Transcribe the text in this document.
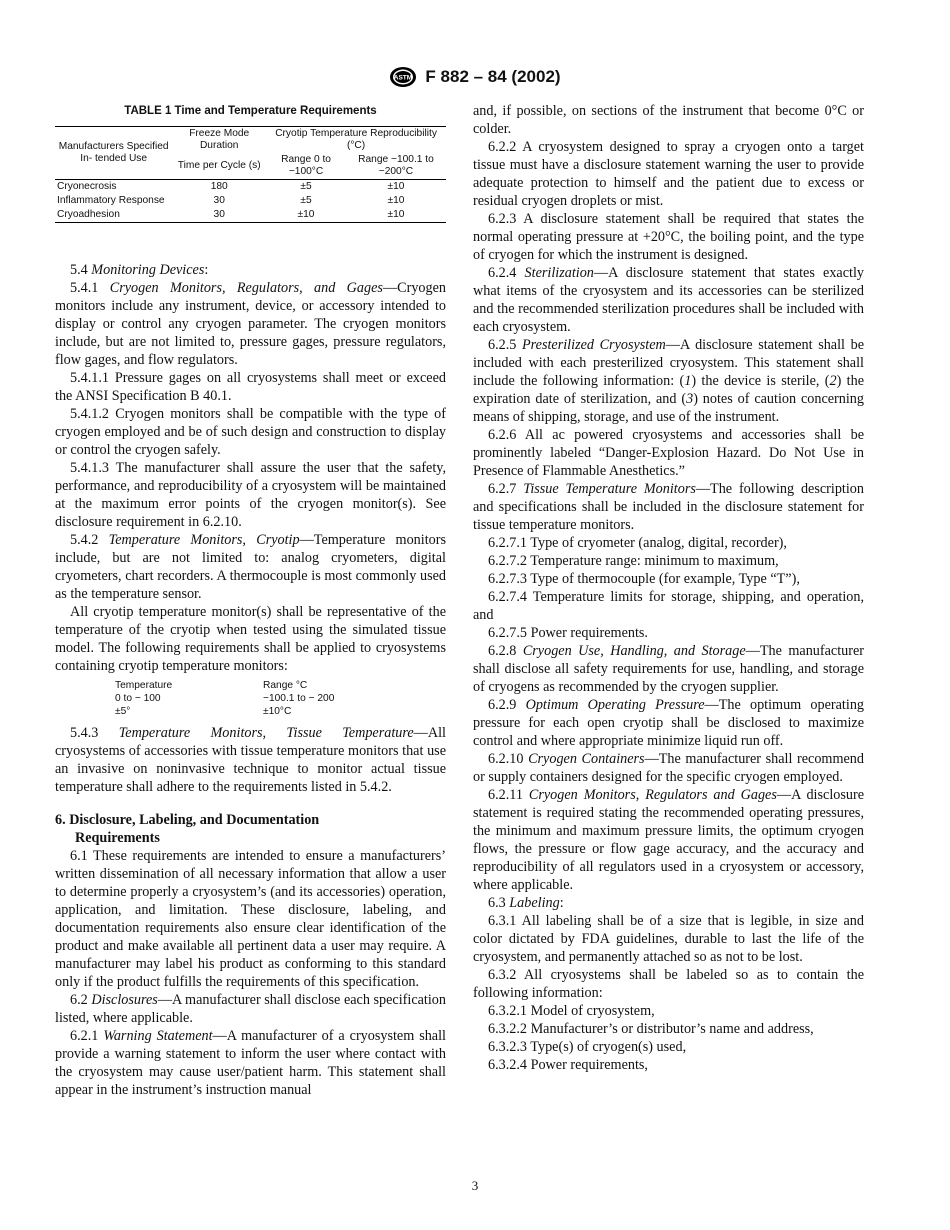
ASTM F 882 – 84 (2002)
TABLE 1 Time and Temperature Requirements
Manufacturers Specified In- tended Use	Freeze Mode Duration	Cryotip Temperature Reproducibility (°C)	
	Time per Cycle (s)	Range 0 to −100°C	Range −100.1 to −200°C
Cryonecrosis	180	±5	±10
Inflammatory Response	30	±5	±10
Cryoadhesion	30	±10	±10

5.4 Monitoring Devices:

5.4.1 Cryogen Monitors, Regulators, and Gages—Cryogen monitors include any instrument, device, or accessory intended to display or control any cryogen parameter. The cryogen monitors include, but are not limited to, pressure gages, pressure regulators, flow gages, and flow regulators.

5.4.1.1 Pressure gages on all cryosystems shall meet or exceed the ANSI Specification B 40.1.

5.4.1.2 Cryogen monitors shall be compatible with the type of cryogen employed and be of such design and construction to display or control the cryogen safely.

5.4.1.3 The manufacturer shall assure the user that the safety, performance, and reproducibility of a cryosystem will be maintained at the maximum error points of the cryogen monitor(s). See disclosure requirement in 6.2.10.

5.4.2 Temperature Monitors, Cryotip—Temperature monitors include, but are not limited to: analog cryometers, digital cryometers, chart recorders. A thermocouple is most commonly used as the temperature sensor.

All cryotip temperature monitor(s) shall be representative of the temperature of the cryotip when tested using the simulated tissue model. The following requirements shall be applied to cryosystems containing cryotip temperature monitors:

Temperature	Range °C
0 to − 100	−100.1 to − 200
±5°	±10°C

5.4.3 Temperature Monitors, Tissue Temperature—All cryosystems of accessories with tissue temperature monitors that use an invasive on noninvasive technique to monitor actual tissue temperature shall adhere to the requirements listed in 5.4.2.

6. Disclosure, Labeling, and Documentation
Requirements

6.1 These requirements are intended to ensure a manufacturers’ written dissemination of all necessary information that allow a user to determine properly a cryosystem’s (and its accessories) operation, application, and limitation. These disclosure, labeling, and documentation requirements also ensure clear identification of the product and make available all pertinent data a user may require. A manufacturer may label his product as conforming to this standard only if the product fulfills the requirements of this specification.

6.2 Disclosures—A manufacturer shall disclose each specification listed, where applicable.

6.2.1 Warning Statement—A manufacturer of a cryosystem shall provide a warning statement to inform the user where contact with the cryosystem may cause user/patient harm. This statement shall appear in the instrument’s instruction manual

and, if possible, on sections of the instrument that become 0°C or colder.

6.2.2 A cryosystem designed to spray a cryogen onto a target tissue must have a disclosure statement warning the user to provide adequate protection to himself and the patient due to excess or residual cryogen droplets or mist.

6.2.3 A disclosure statement shall be required that states the normal operating pressure at +20°C, the boiling point, and the type of cryogen for which the instrument is designed.

6.2.4 Sterilization—A disclosure statement that states exactly what items of the cryosystem and its accessories can be sterilized and the recommended sterilization procedures shall be included with each cryosystem.

6.2.5 Presterilized Cryosystem—A disclosure statement shall be included with each presterilized cryosystem. This statement shall include the following information: (1) the device is sterile, (2) the expiration date of sterilization, and (3) notes of caution concerning means of shipping, storage, and use of the instrument.

6.2.6 All ac powered cryosystems and accessories shall be prominently labeled “Danger-Explosion Hazard. Do Not Use in Presence of Flammable Anesthetics.”

6.2.7 Tissue Temperature Monitors—The following description and specifications shall be included in the disclosure statement for tissue temperature monitors.

6.2.7.1 Type of cryometer (analog, digital, recorder),

6.2.7.2 Temperature range: minimum to maximum,

6.2.7.3 Type of thermocouple (for example, Type “T”),

6.2.7.4 Temperature limits for storage, shipping, and operation, and

6.2.7.5 Power requirements.

6.2.8 Cryogen Use, Handling, and Storage—The manufacturer shall disclose all safety requirements for use, handling, and storage of cryogens as recommended by the cryogen supplier.

6.2.9 Optimum Operating Pressure—The optimum operating pressure for each open cryotip shall be disclosed to maximize control and where appropriate minimize liquid run off.

6.2.10 Cryogen Containers—The manufacturer shall recommend or supply containers designed for the specific cryogen employed.

6.2.11 Cryogen Monitors, Regulators and Gages—A disclosure statement is required stating the recommended operating pressures, the minimum and maximum pressure limits, the optimum cryogen flows, the pressure or flow gage accuracy, and the accuracy and reproducibility of all regulators used in a cryosystem or accessory, where applicable.

6.3 Labeling:

6.3.1 All labeling shall be of a size that is legible, in size and color dictated by FDA guidelines, durable to last the life of the cryosystem, and permanently attached so as not to be lost.

6.3.2 All cryosystems shall be labeled so as to contain the following information:

6.3.2.1 Model of cryosystem,

6.3.2.2 Manufacturer’s or distributor’s name and address,

6.3.2.3 Type(s) of cryogen(s) used,

6.3.2.4 Power requirements,

3
